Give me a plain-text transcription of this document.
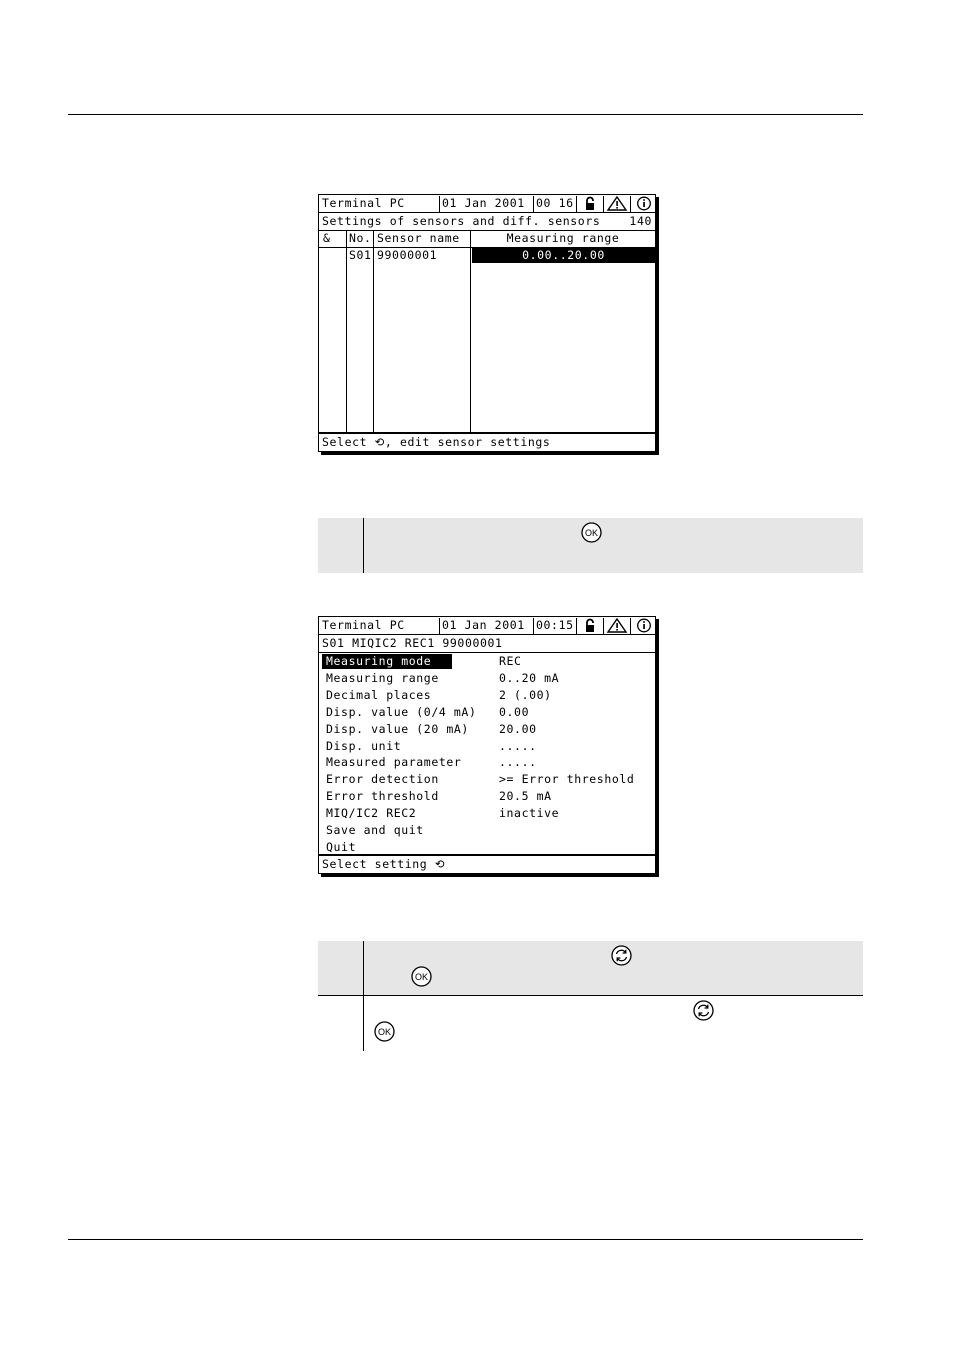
Terminal PC	01 Jan 2001 00 16
Settings of sensors and diff. sensors	140
& No. Sensor name	Measuring range
S01 99000001	0.00..20.00
Select ⟲, edit sensor settings
OK
Terminal PC	01 Jan 2001 00:15
S01 MIQIC2 REC1 99000001
Measuring mode	REC
Measuring range	0..20 mA
Decimal places	2 (.00)
Disp. value (0/4 mA) 0.00
Disp. value (20 mA)	20.00
Disp. unit	.....
Measured parameter	.....
Error detection	>= Error threshold
Error threshold	20.5 mA
MIQ/IC2 REC2	inactive
Save and quit
Quit
Select setting ⟲
OK
OK
